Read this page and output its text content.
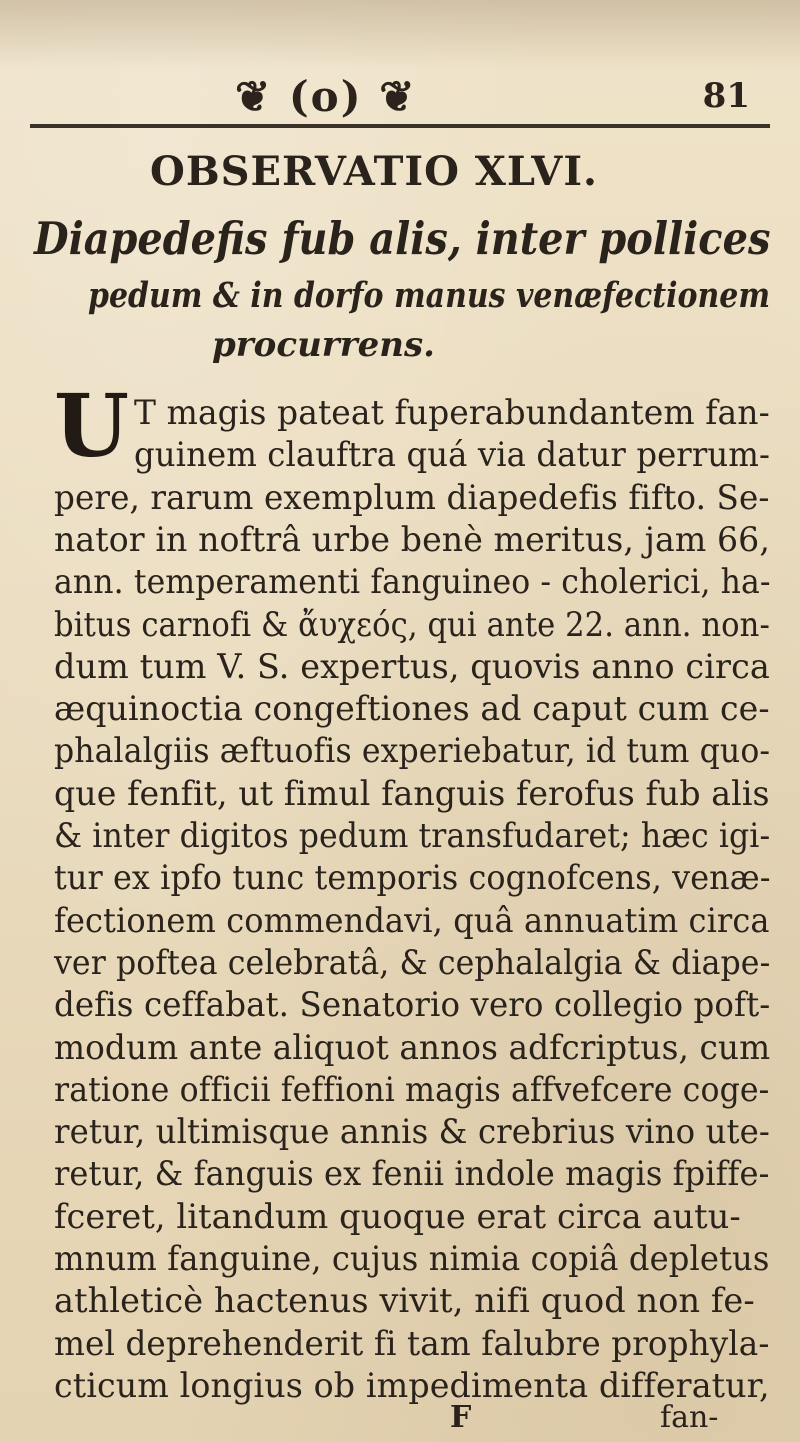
❦ (o) ❦	81
OBSERVATIO XLVI.
Diapedefis fub alis, inter pollices
pedum & in dorfo manus venæfectionem
procurrens.
U T magis pateat fuperabundantem fan-
guinem clauftra quá via datur perrum-
pere, rarum exemplum diapedefis fifto. Se-
nator in noftrâ urbe benè meritus, jam 66,
ann. temperamenti fanguineo - cholerici, ha-
bitus carnofi & ἄυχεός, qui ante 22. ann. non-
dum tum V. S. expertus, quovis anno circa
æquinoctia congeftiones ad caput cum ce-
phalalgiis æftuofis experiebatur, id tum quo-
que fenfit, ut fimul fanguis ferofus fub alis
& inter digitos pedum transfudaret; hæc igi-
tur ex ipfo tunc temporis cognofcens, venæ-
fectionem commendavi, quâ annuatim circa
ver poftea celebratâ, & cephalalgia & diape-
defis ceffabat. Senatorio vero collegio poft-
modum ante aliquot annos adfcriptus, cum
ratione officii feffioni magis affvefcere coge-
retur, ultimisque annis & crebrius vino ute-
retur, & fanguis ex fenii indole magis fpiffe-
fceret, litandum quoque erat circa autu-
mnum fanguine, cujus nimia copiâ depletus
athleticè hactenus vivit, nifi quod non fe-
mel deprehenderit fi tam falubre prophyla-
cticum longius ob impedimenta differatur,
F	fan-
